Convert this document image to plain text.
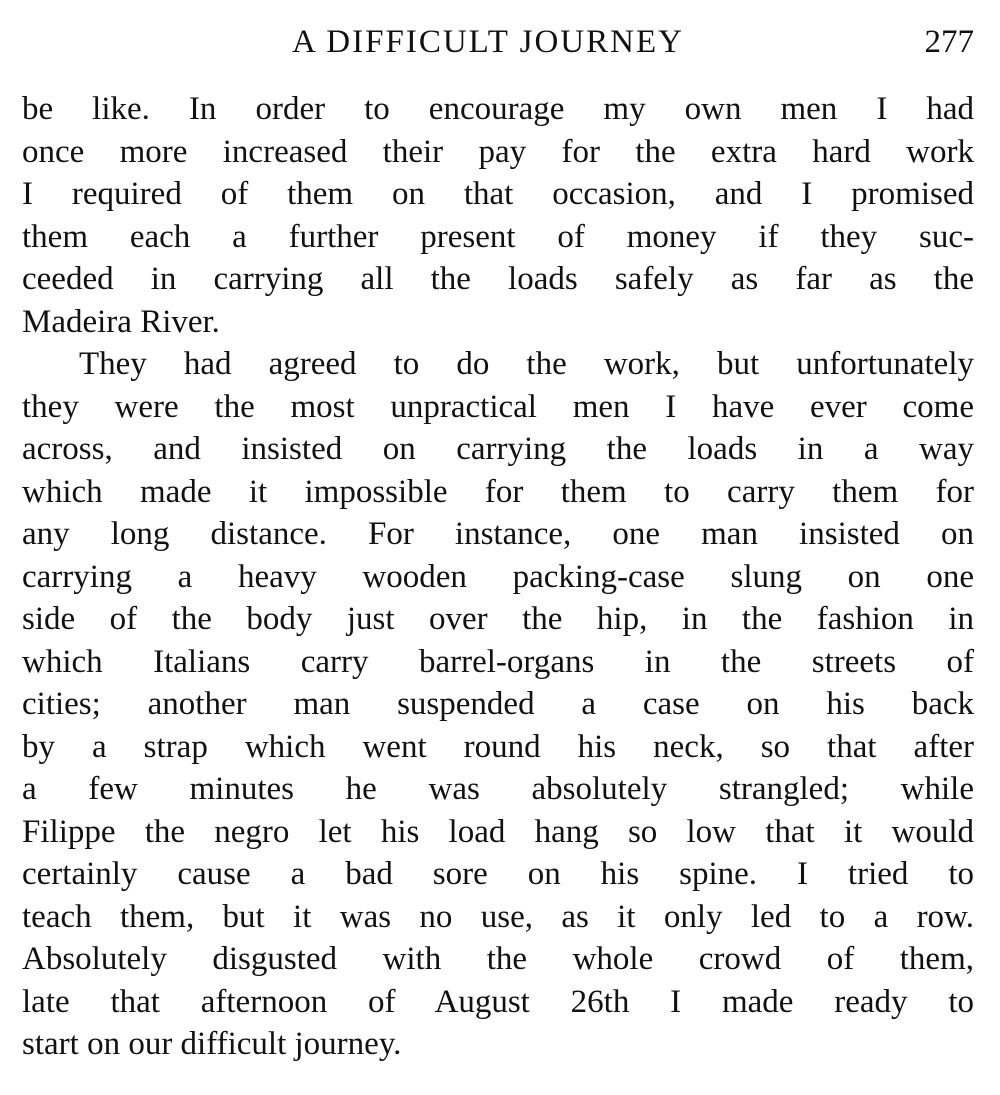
A DIFFICULT JOURNEY	277
be like. In order to encourage my own men I had
once more increased their pay for the extra hard work
I required of them on that occasion, and I promised
them each a further present of money if they suc-
ceeded in carrying all the loads safely as far as the
Madeira River.
They had agreed to do the work, but unfortunately
they were the most unpractical men I have ever come
across, and insisted on carrying the loads in a way
which made it impossible for them to carry them for
any long distance. For instance, one man insisted on
carrying a heavy wooden packing-case slung on one
side of the body just over the hip, in the fashion in
which Italians carry barrel-organs in the streets of
cities; another man suspended a case on his back
by a strap which went round his neck, so that after
a few minutes he was absolutely strangled; while
Filippe the negro let his load hang so low that it would
certainly cause a bad sore on his spine. I tried to
teach them, but it was no use, as it only led to a row.
Absolutely disgusted with the whole crowd of them,
late that afternoon of August 26th I made ready to
start on our difficult journey.
